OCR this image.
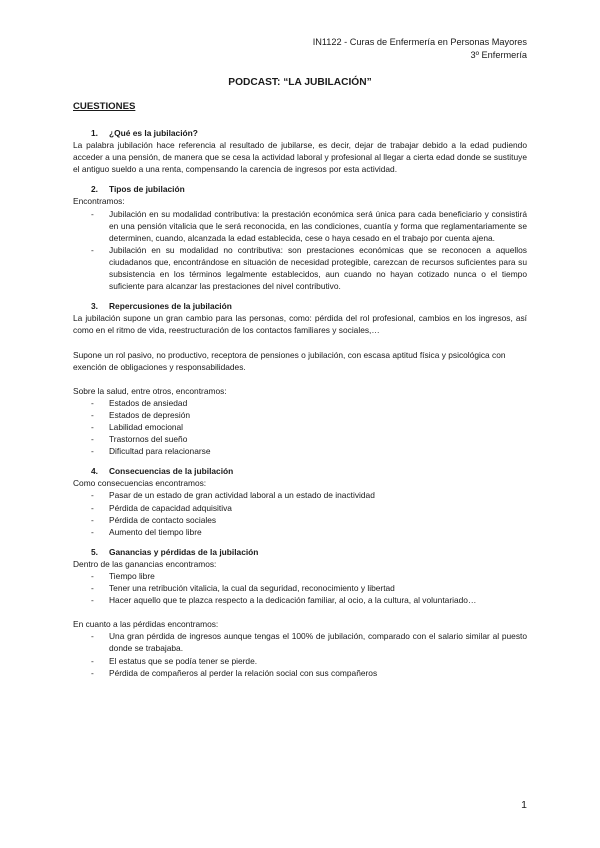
IN1122 - Curas de Enfermería en Personas Mayores
3º Enfermería
PODCAST: “LA JUBILACIÓN”
CUESTIONES
1. ¿Qué es la jubilación?

La palabra jubilación hace referencia al resultado de jubilarse, es decir, dejar de trabajar debido a la edad pudiendo acceder a una pensión, de manera que se cesa la actividad laboral y profesional al llegar a cierta edad donde se sustituye el antiguo sueldo a una renta, compensando la carencia de ingresos por esta actividad.

2. Tipos de jubilación

Encontramos:

- Jubilación en su modalidad contributiva: la prestación económica será única para cada beneficiario y consistirá en una pensión vitalicia que le será reconocida, en las condiciones, cuantía y forma que reglamentariamente se determinen, cuando, alcanzada la edad establecida, cese o haya cesado en el trabajo por cuenta ajena.
- Jubilación en su modalidad no contributiva: son prestaciones económicas que se reconocen a aquellos ciudadanos que, encontrándose en situación de necesidad protegible, carezcan de recursos suficientes para su subsistencia en los términos legalmente establecidos, aun cuando no hayan cotizado nunca o el tiempo suficiente para alcanzar las prestaciones del nivel contributivo.
3. Repercusiones de la jubilación

La jubilación supone un gran cambio para las personas, como: pérdida del rol profesional, cambios en los ingresos, así como en el ritmo de vida, reestructuración de los contactos familiares y sociales,…

Supone un rol pasivo, no productivo, receptora de pensiones o jubilación, con escasa aptitud física y psicológica con exención de obligaciones y responsabilidades.

Sobre la salud, entre otros, encontramos:

- Estados de ansiedad
- Estados de depresión
- Labilidad emocional
- Trastornos del sueño
- Dificultad para relacionarse
4. Consecuencias de la jubilación

Como consecuencias encontramos:

- Pasar de un estado de gran actividad laboral a un estado de inactividad
- Pérdida de capacidad adquisitiva
- Pérdida de contacto sociales
- Aumento del tiempo libre
5. Ganancias y pérdidas de la jubilación

Dentro de las ganancias encontramos:

- Tiempo libre
- Tener una retribución vitalicia, la cual da seguridad, reconocimiento y libertad
- Hacer aquello que te plazca respecto a la dedicación familiar, al ocio, a la cultura, al voluntariado…

En cuanto a las pérdidas encontramos:

- Una gran pérdida de ingresos aunque tengas el 100% de jubilación, comparado con el salario similar al puesto donde se trabajaba.
- El estatus que se podía tener se pierde.
- Pérdida de compañeros al perder la relación social con sus compañeros
1
